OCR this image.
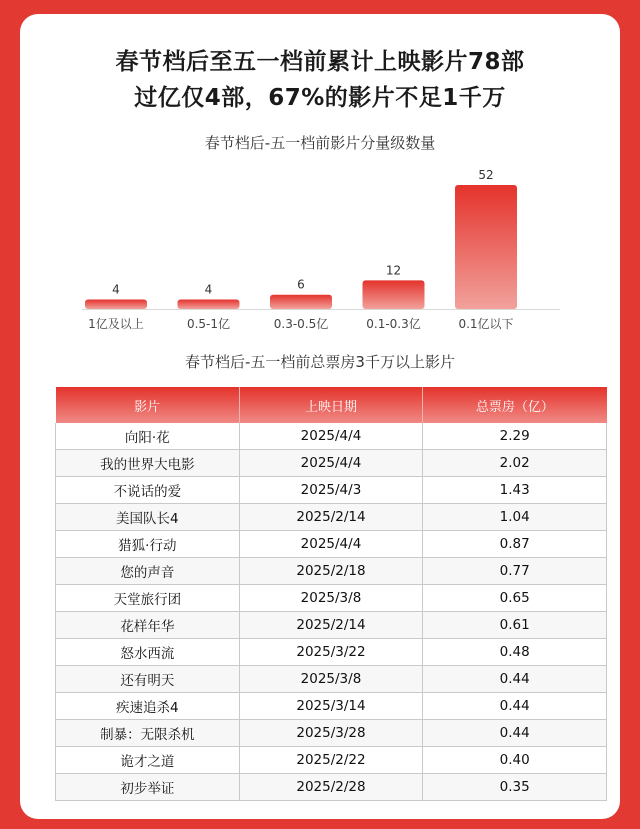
春节档后至五一档前累计上映影片78部
过亿仅4部，67%的影片不足1千万
春节档后-五一档前影片分量级数量
4
1亿及以上
4
0.5-1亿
6
0.3-0.5亿
12
0.1-0.3亿
52
0.1亿以下
春节档后-五一档前总票房3千万以上影片
影片	上映日期	总票房（亿）
向阳·花	2025/4/4	2.29
我的世界大电影	2025/4/4	2.02
不说话的爱	2025/4/3	1.43
美国队长4	2025/2/14	1.04
猎狐·行动	2025/4/4	0.87
您的声音	2025/2/18	0.77
天堂旅行团	2025/3/8	0.65
花样年华	2025/2/14	0.61
怒水西流	2025/3/22	0.48
还有明天	2025/3/8	0.44
疾速追杀4	2025/3/14	0.44
制暴：无限杀机	2025/3/28	0.44
诡才之道	2025/2/22	0.40
初步举证	2025/2/28	0.35
